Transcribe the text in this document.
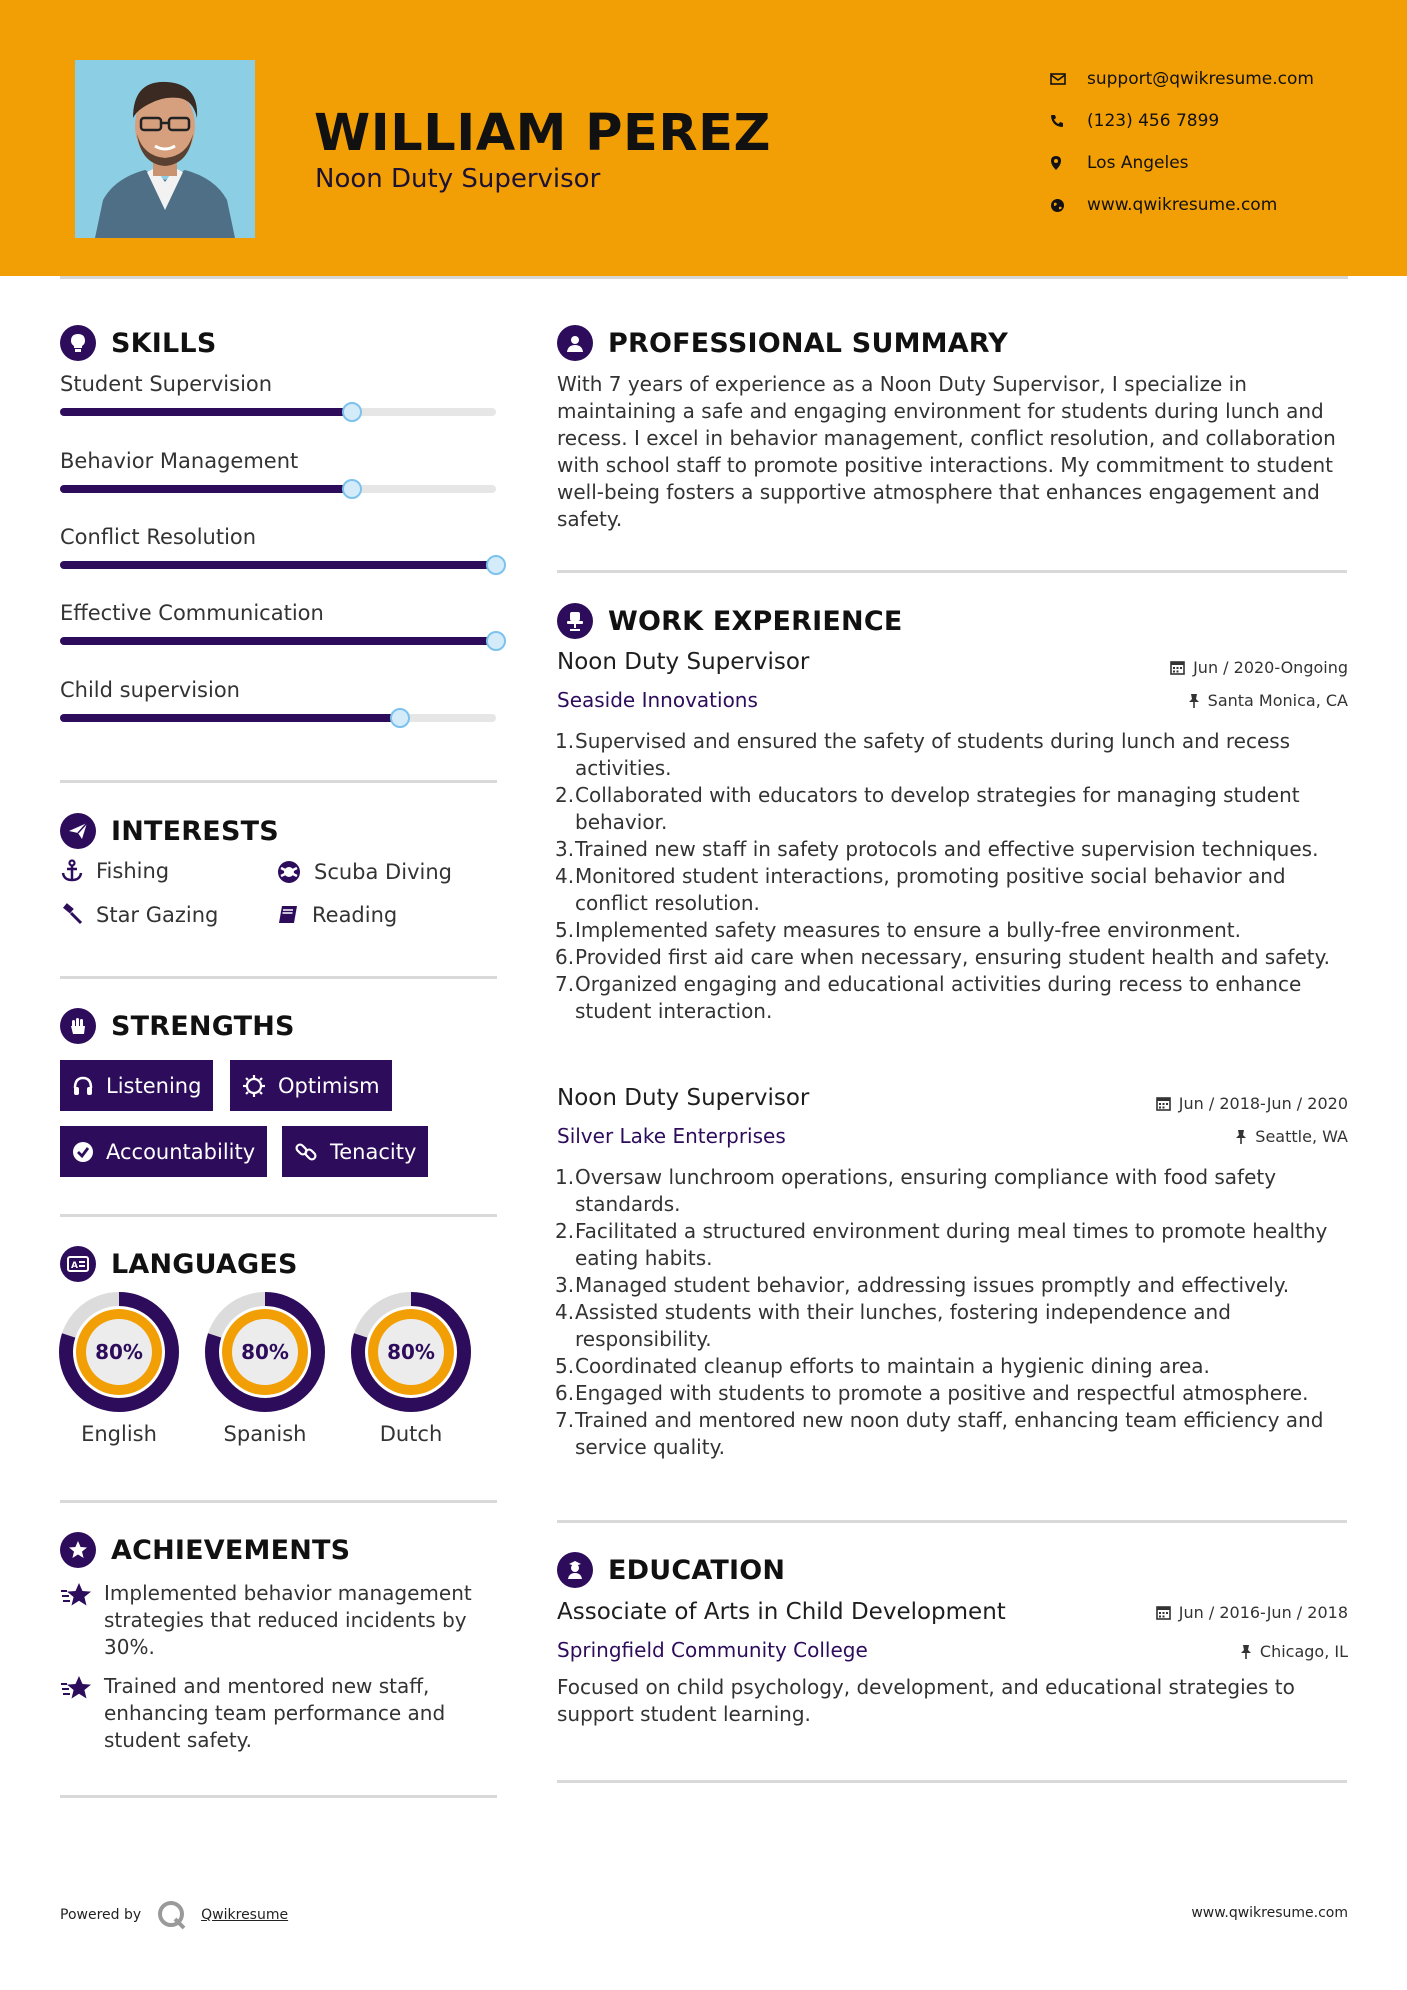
WILLIAM PEREZ
Noon Duty Supervisor
support@qwikresume.com
(123) 456 7899
Los Angeles
www.qwikresume.com
SKILLS
Student Supervision
Behavior Management
Conflict Resolution
Effective Communication
Child supervision
INTERESTS
Fishing	Scuba Diving
Star Gazing	Reading
STRENGTHS
Listening	Optimism
Accountability	Tenacity
A LANGUAGES
80%
English
80%
Spanish
80%
Dutch
ACHIEVEMENTS
Implemented behavior management strategies that reduced incidents by 30%.
Trained and mentored new staff, enhancing team performance and student safety.
PROFESSIONAL SUMMARY
With 7 years of experience as a Noon Duty Supervisor, I specialize in maintaining a safe and engaging environment for students during lunch and recess. I excel in behavior management, conflict resolution, and collaboration with school staff to promote positive interactions. My commitment to student well-being fosters a supportive atmosphere that enhances engagement and safety.
WORK EXPERIENCE
Noon Duty Supervisor	Jun / 2020-Ongoing
Seaside Innovations	Santa Monica, CA
Supervised and ensured the safety of students during lunch and recess activities.
Collaborated with educators to develop strategies for managing student behavior.
Trained new staff in safety protocols and effective supervision techniques.
Monitored student interactions, promoting positive social behavior and conflict resolution.
Implemented safety measures to ensure a bully-free environment.
Provided first aid care when necessary, ensuring student health and safety.
Organized engaging and educational activities during recess to enhance student interaction.
Noon Duty Supervisor	Jun / 2018-Jun / 2020
Silver Lake Enterprises	Seattle, WA
Oversaw lunchroom operations, ensuring compliance with food safety standards.
Facilitated a structured environment during meal times to promote healthy eating habits.
Managed student behavior, addressing issues promptly and effectively.
Assisted students with their lunches, fostering independence and responsibility.
Coordinated cleanup efforts to maintain a hygienic dining area.
Engaged with students to promote a positive and respectful atmosphere.
Trained and mentored new noon duty staff, enhancing team efficiency and service quality.
EDUCATION
Associate of Arts in Child Development	Jun / 2016-Jun / 2018
Springfield Community College	Chicago, IL
Focused on child psychology, development, and educational strategies to support student learning.
Powered by	Qwikresume	www.qwikresume.com
